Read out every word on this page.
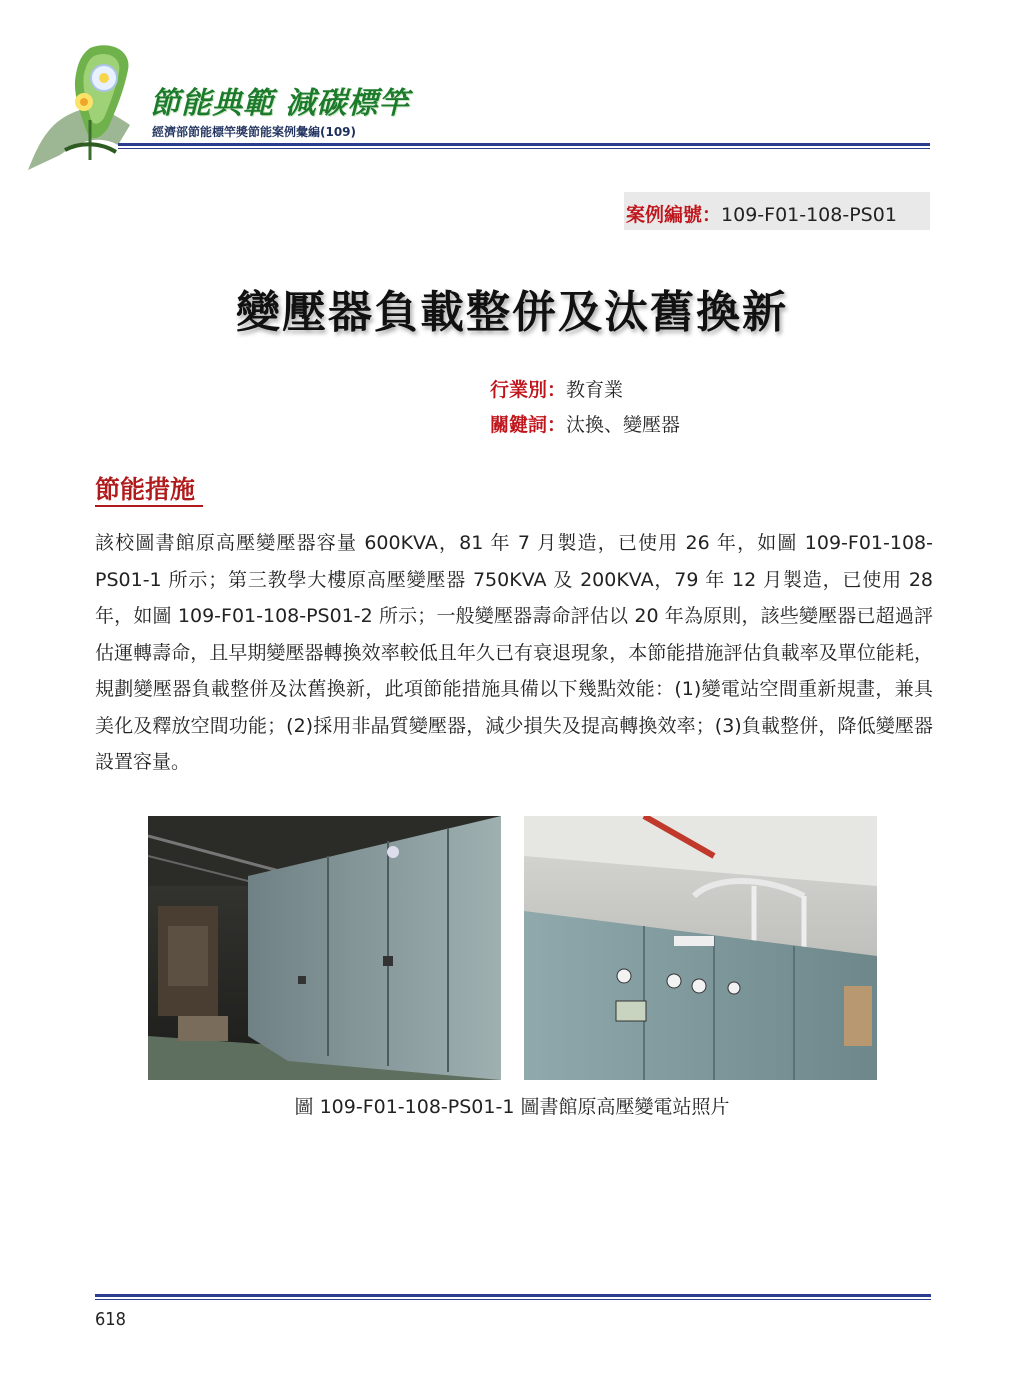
節能典範 減碳標竿
經濟部節能標竿獎節能案例彙編(109)
案例編號：109-F01-108-PS01
變壓器負載整併及汰舊換新
行業別：教育業
關鍵詞：汰換、變壓器
節能措施

該校圖書館原高壓變壓器容量 600KVA，81 年 7 月製造，已使用 26 年，如圖 109-F01-108-PS01-1 所示；第三教學大樓原高壓變壓器 750KVA 及 200KVA，79 年 12 月製造，已使用 28 年，如圖 109-F01-108-PS01-2 所示；一般變壓器壽命評估以 20 年為原則，該些變壓器已超過評估運轉壽命，且早期變壓器轉換效率較低且年久已有衰退現象，本節能措施評估負載率及單位能耗，規劃變壓器負載整併及汰舊換新，此項節能措施具備以下幾點效能：(1)變電站空間重新規畫，兼具美化及釋放空間功能；(2)採用非晶質變壓器，減少損失及提高轉換效率；(3)負載整併，降低變壓器設置容量。

圖 109-F01-108-PS01-1 圖書館原高壓變電站照片
618
